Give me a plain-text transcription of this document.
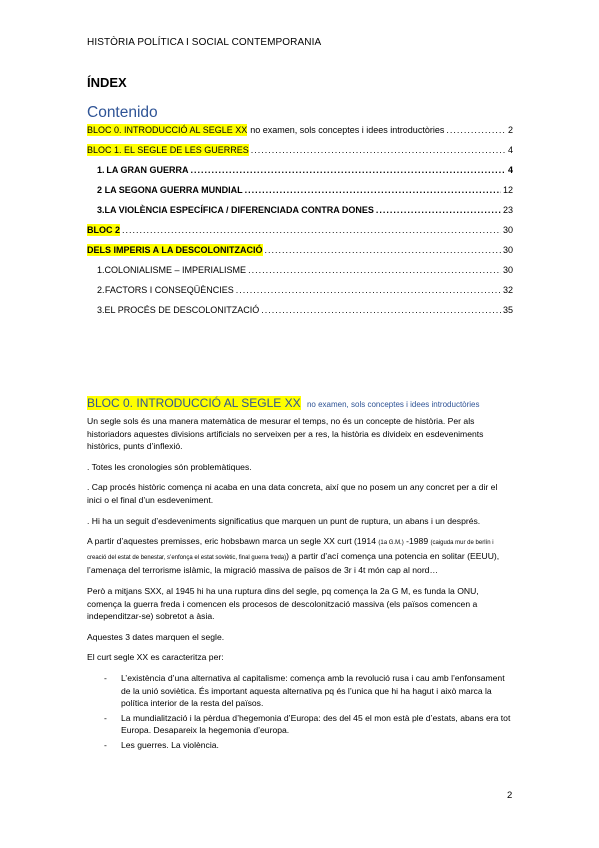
HISTÒRIA POLÍTICA I SOCIAL CONTEMPORANIA
ÍNDEX
Contenido
BLOC 0. INTRODUCCIÓ AL SEGLE XX no examen, sols conceptes i idees introductòries .....	2
BLOC 1. EL SEGLE DE LES GUERRES .....	4
1. LA GRAN GUERRA .....	4
2 LA SEGONA GUERRA MUNDIAL .....	12
3. LA VIOLÈNCIA ESPECÍFICA / DIFERENCIADA CONTRA DONES .....	23
BLOC 2 .....	30
DELS IMPERIS A LA DESCOLONITZACIÓ .....	30
1. COLONIALISME – IMPERIALISME .....	30
2. FACTORS I CONSEQÜÈNCIES .....	32
3. EL PROCÉS DE DESCOLONITZACIÓ .....	35
BLOC 0. INTRODUCCIÓ AL SEGLE XX no examen, sols conceptes i idees introductòries

Un segle sols és una manera matemàtica de mesurar el temps, no és un concepte de història. Per als historiadors aquestes divisions artificials no serveixen per a res, la història es divideix en esdeveniments històrics, punts d’inflexió.

. Totes les cronologies són problemàtiques.

. Cap procés històric comença ni acaba en una data concreta, així que no posem un any concret per a dir el inici o el final d’un esdeveniment.

. Hi ha un seguit d’esdeveniments significatius que marquen un punt de ruptura, un abans i un després.

A partir d’aquestes premisses, eric hobsbawn marca un segle XX curt (1914 (1a G.M.) -1989 (caiguda mur de berlín i creació del estat de benestar, s’enfonça el estat soviètic, final guerra freda)) a partir d’ací comença una potencia en solitar (EEUU), l’amenaça del terrorisme islàmic, la migració massiva de països de 3r i 4t món cap al nord…

Però a mitjans SXX, al 1945 hi ha una ruptura dins del segle, pq comença la 2a G M, es funda la ONU, comença la guerra freda i comencen els procesos de descolonització massiva (els països comencen a independitzar-se) sobretot a àsia.

Aquestes 3 dates marquen el segle.

El curt segle XX es caracteritza per:

- L’existència d’una alternativa al capitalisme: comença amb la revolució rusa i cau amb l’enfonsament de la unió soviètica. És important aquesta alternativa pq és l’unica que hi ha hagut i això marca la política interior de la resta del països.
- La mundialització i la pèrdua d’hegemonia d’Europa: des del 45 el mon està ple d’estats, abans era tot Europa. Desapareix la hegemonia d’europa.
- Les guerres. La violència.
2
